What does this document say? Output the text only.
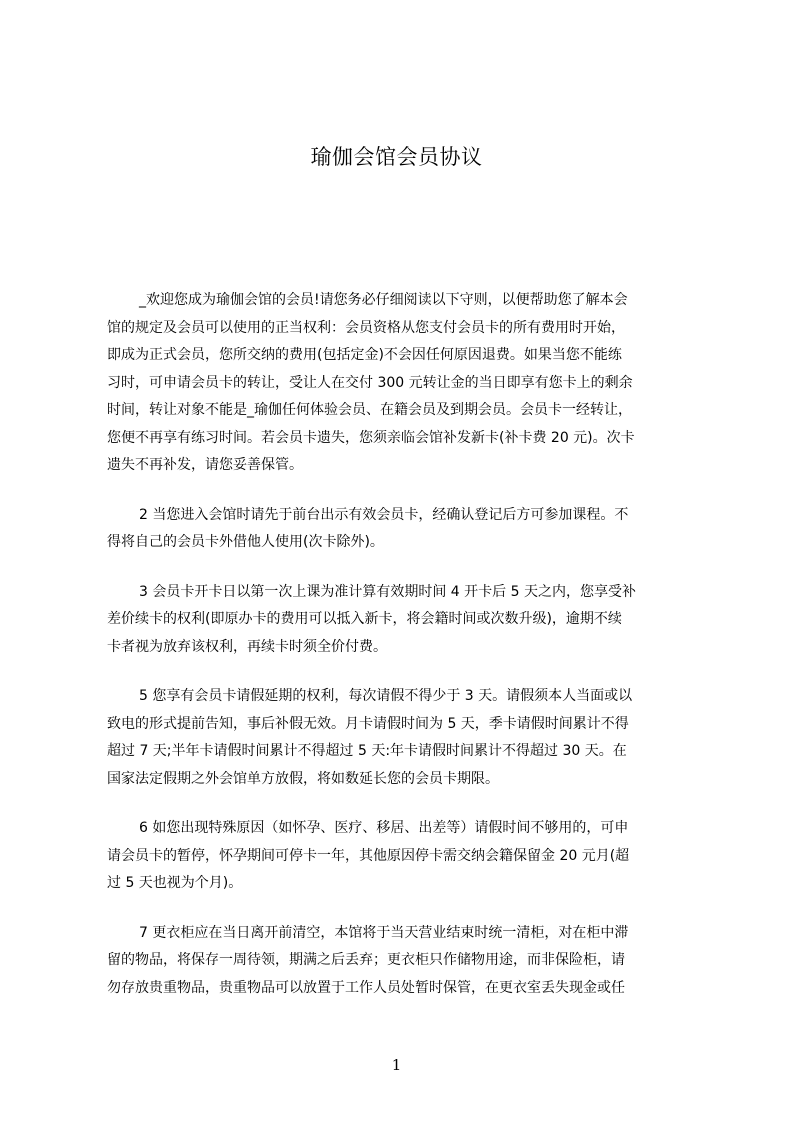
瑜伽会馆会员协议

_欢迎您成为瑜伽会馆的会员!请您务必仔细阅读以下守则，以便帮助您了解本会
馆的规定及会员可以使用的正当权利：会员资格从您支付会员卡的所有费用时开始，
即成为正式会员，您所交纳的费用(包括定金)不会因任何原因退费。如果当您不能练
习时，可申请会员卡的转让，受让人在交付 300 元转让金的当日即享有您卡上的剩余
时间，转让对象不能是_瑜伽任何体验会员、在籍会员及到期会员。会员卡一经转让，
您便不再享有练习时间。若会员卡遗失，您须亲临会馆补发新卡(补卡费 20 元)。次卡
遗失不再补发，请您妥善保管。

2 当您进入会馆时请先于前台出示有效会员卡，经确认登记后方可参加课程。不
得将自己的会员卡外借他人使用(次卡除外)。

3 会员卡开卡日以第一次上课为准计算有效期时间 4 开卡后 5 天之内，您享受补
差价续卡的权利(即原办卡的费用可以抵入新卡，将会籍时间或次数升级)，逾期不续
卡者视为放弃该权利，再续卡时须全价付费。

5 您享有会员卡请假延期的权利，每次请假不得少于 3 天。请假须本人当面或以
致电的形式提前告知，事后补假无效。月卡请假时间为 5 天，季卡请假时间累计不得
超过 7 天;半年卡请假时间累计不得超过 5 天:年卡请假时间累计不得超过 30 天。在
国家法定假期之外会馆单方放假，将如数延长您的会员卡期限。

6 如您出现特殊原因（如怀孕、医疗、移居、出差等）请假时间不够用的，可申
请会员卡的暂停，怀孕期间可停卡一年，其他原因停卡需交纳会籍保留金 20 元月(超
过 5 天也视为个月)。

7 更衣柜应在当日离开前清空，本馆将于当天营业结束时统一清柜，对在柜中滞
留的物品，将保存一周待领，期满之后丢弃；更衣柜只作储物用途，而非保险柜，请
勿存放贵重物品，贵重物品可以放置于工作人员处暂时保管，在更衣室丢失现金或任

1
